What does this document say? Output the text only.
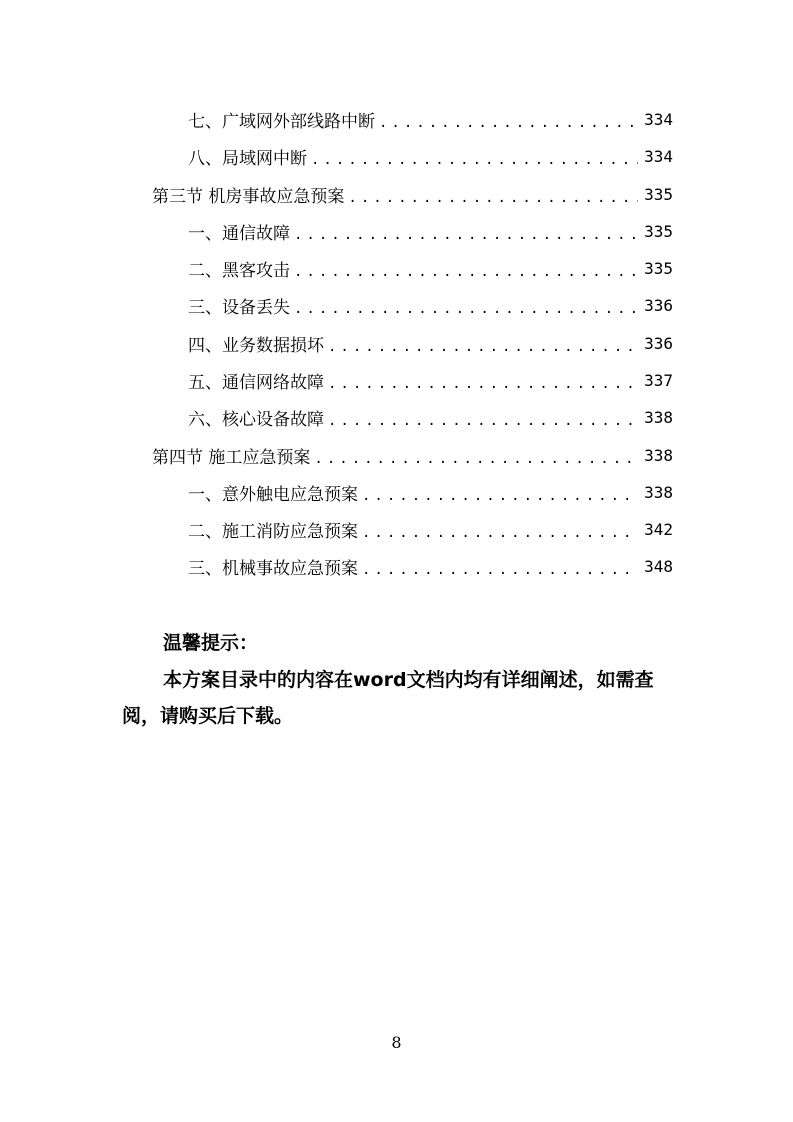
七、广域网外部线路中断 .....	334
八、局域网中断 .....	334
第三节 机房事故应急预案 .....	335
一、通信故障 .....	335
二、黑客攻击 .....	335
三、设备丢失 .....	336
四、业务数据损坏 .....	336
五、通信网络故障 .....	337
六、核心设备故障 .....	338
第四节 施工应急预案 .....	338
一、意外触电应急预案 .....	338
二、施工消防应急预案 .....	342
三、机械事故应急预案 .....	348
温馨提示：
本方案目录中的内容在word文档内均有详细阐述，如需查阅，请购买后下载。
8
